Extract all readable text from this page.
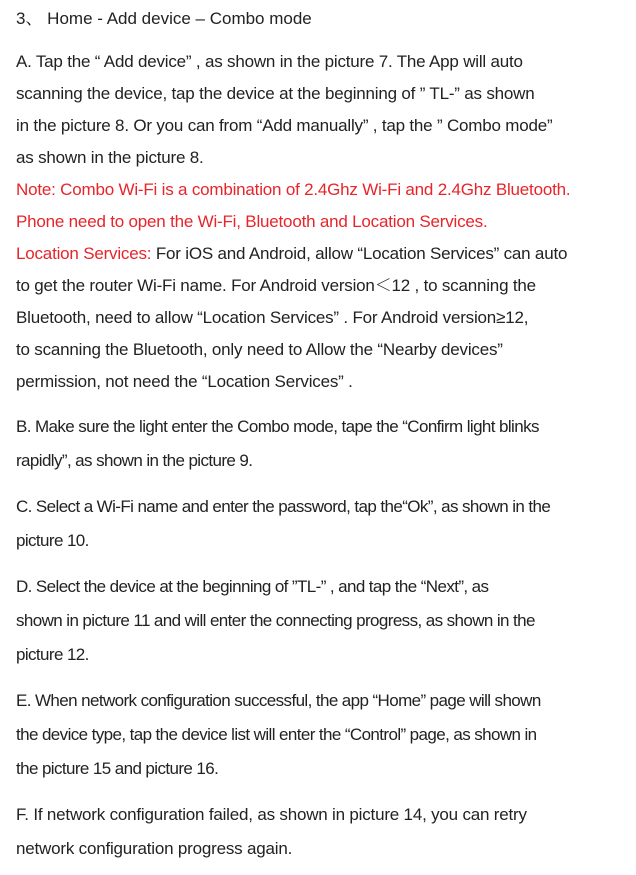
3、 Home - Add device – Combo mode
A. Tap the “ Add device” , as shown in the picture 7. The App will auto
scanning the device, tap the device at the beginning of ” TL-” as shown
in the picture 8. Or you can from “Add manually” , tap the ” Combo mode”
as shown in the picture 8.
Note: Combo Wi-Fi is a combination of 2.4Ghz Wi-Fi and 2.4Ghz Bluetooth.
Phone need to open the Wi-Fi, Bluetooth and Location Services.
Location Services: For iOS and Android, allow “Location Services” can auto
to get the router Wi-Fi name. For Android version＜12 , to scanning the
Bluetooth, need to allow “Location Services” . For Android version≥12,
to scanning the Bluetooth, only need to Allow the “Nearby devices”
permission, not need the “Location Services” .
B. Make sure the light enter the Combo mode, tape the “Confirm light blinks
rapidly”, as shown in the picture 9.
C. Select a Wi-Fi name and enter the password, tap the“Ok”, as shown in the
picture 10.
D. Select the device at the beginning of ”TL-” , and tap the “Next”, as
shown in picture 11 and will enter the connecting progress, as shown in the
picture 12.
E. When network configuration successful, the app “Home” page will shown
the device type, tap the device list will enter the “Control” page, as shown in
the picture 15 and picture 16.
F. If network configuration failed, as shown in picture 14, you can retry
network configuration progress again.
